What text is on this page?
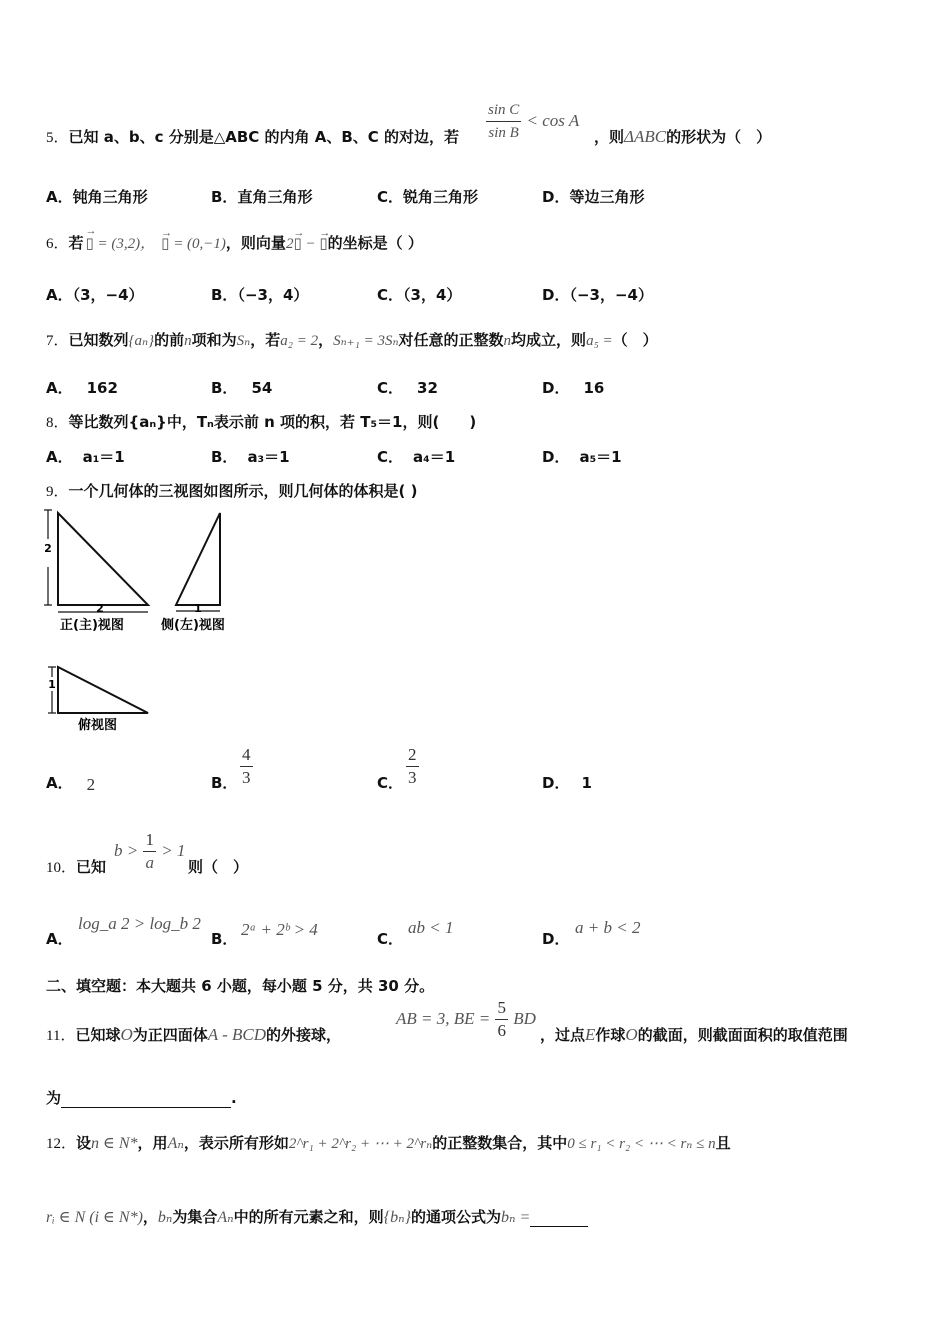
5．已知 a、b、c 分别是△ABC 的内角 A、B、C 的对边，若 $\frac{\text{sin C}}{\text{sin B}} < \cos A$
，则ΔABC的形状为（　）
A．钝角三角形	B．直角三角形	C．锐角三角形	D．等边三角形
6．若
→
▯ = (3,2)，
→
▯ = (0,−1)，则向量2
→
▯ −
→
▯的坐标是（ ）
A．（3，−4）	B．（−3，4）	C．（3，4）	D．（−3，−4）
7．已知数列{aₙ}的前n项和为Sₙ，若a₂ = 2，Sₙ₊₁ = 3Sₙ对任意的正整数n均成立，则a₅ =（　）
A． 162	B． 54	C． 32	D． 16
8．等比数列{aₙ}中，Tₙ表示前 n 项的积，若 T₅＝1，则(　　)
A． a₁＝1	B． a₃＝1	C． a₄＝1	D． a₅＝1
9．一个几何体的三视图如图所示，则几何体的体积是( )
2
2
正(主)视图
1
侧(左)视图
1
俯视图
A． 2	B． $\frac{4}{3}$	C． $\frac{2}{3}$	D． 1
10．已知
$b > \frac{1}{a} > 1$
则（　）
A．
log_a 2 > log_b 2
B． 2ᵃ + 2ᵇ > 4	C．
ab < 1
D．
a + b < 2
二、填空题：本大题共 6 小题，每小题 5 分，共 30 分。
11．已知球O为正四面体A - BCD的外接球，
AB = 3, BE = $\frac{5}{6}$ BD
，过点E作球O的截面，则截面面积的取值范围
为	.
12．设n ∈ N*，用Aₙ，表示所有形如2^r₁ + 2^r₂ + ⋯ + 2^rₙ的正整数集合，其中0 ≤ r₁ < r₂ < ⋯ < rₙ ≤ n且
rᵢ ∈ N (i ∈ N*)，bₙ为集合Aₙ中的所有元素之和，则{bₙ}的通项公式为bₙ =
